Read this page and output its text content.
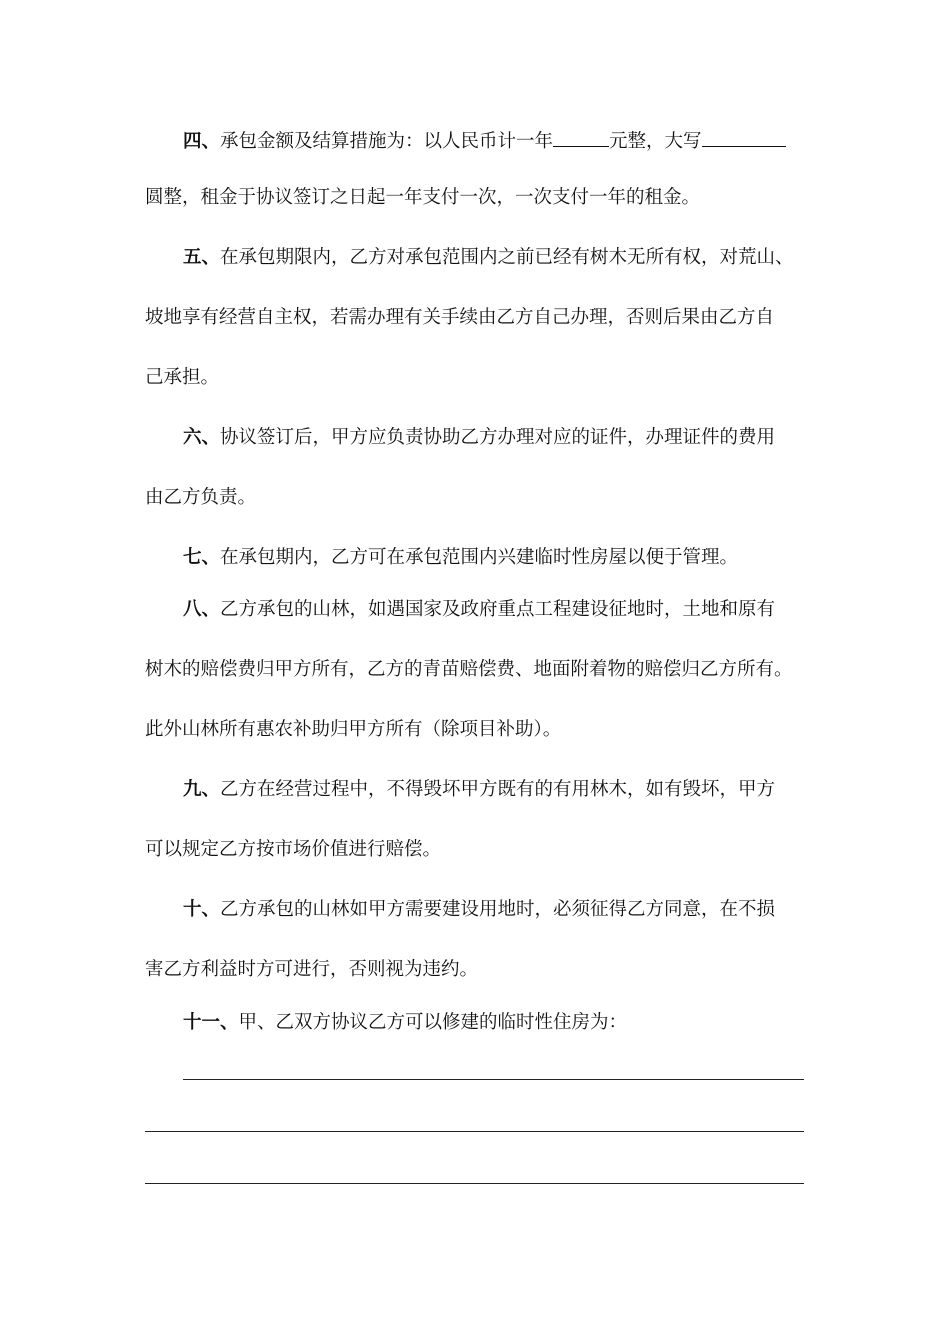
四、承包金额及结算措施为：以人民币计一年	元整，大写
圆整，租金于协议签订之日起一年支付一次，一次支付一年的租金。
五、在承包期限内，乙方对承包范围内之前已经有树木无所有权，对荒山、
坡地享有经营自主权，若需办理有关手续由乙方自己办理，否则后果由乙方自
己承担。
六、协议签订后，甲方应负责协助乙方办理对应的证件，办理证件的费用
由乙方负责。
七、在承包期内，乙方可在承包范围内兴建临时性房屋以便于管理。
八、乙方承包的山林，如遇国家及政府重点工程建设征地时，土地和原有
树木的赔偿费归甲方所有，乙方的青苗赔偿费、地面附着物的赔偿归乙方所有。
此外山林所有惠农补助归甲方所有（除项目补助）。
九、乙方在经营过程中，不得毁坏甲方既有的有用林木，如有毁坏，甲方
可以规定乙方按市场价值进行赔偿。
十、乙方承包的山林如甲方需要建设用地时，必须征得乙方同意，在不损
害乙方利益时方可进行，否则视为违约。
十一、甲、乙双方协议乙方可以修建的临时性住房为：
